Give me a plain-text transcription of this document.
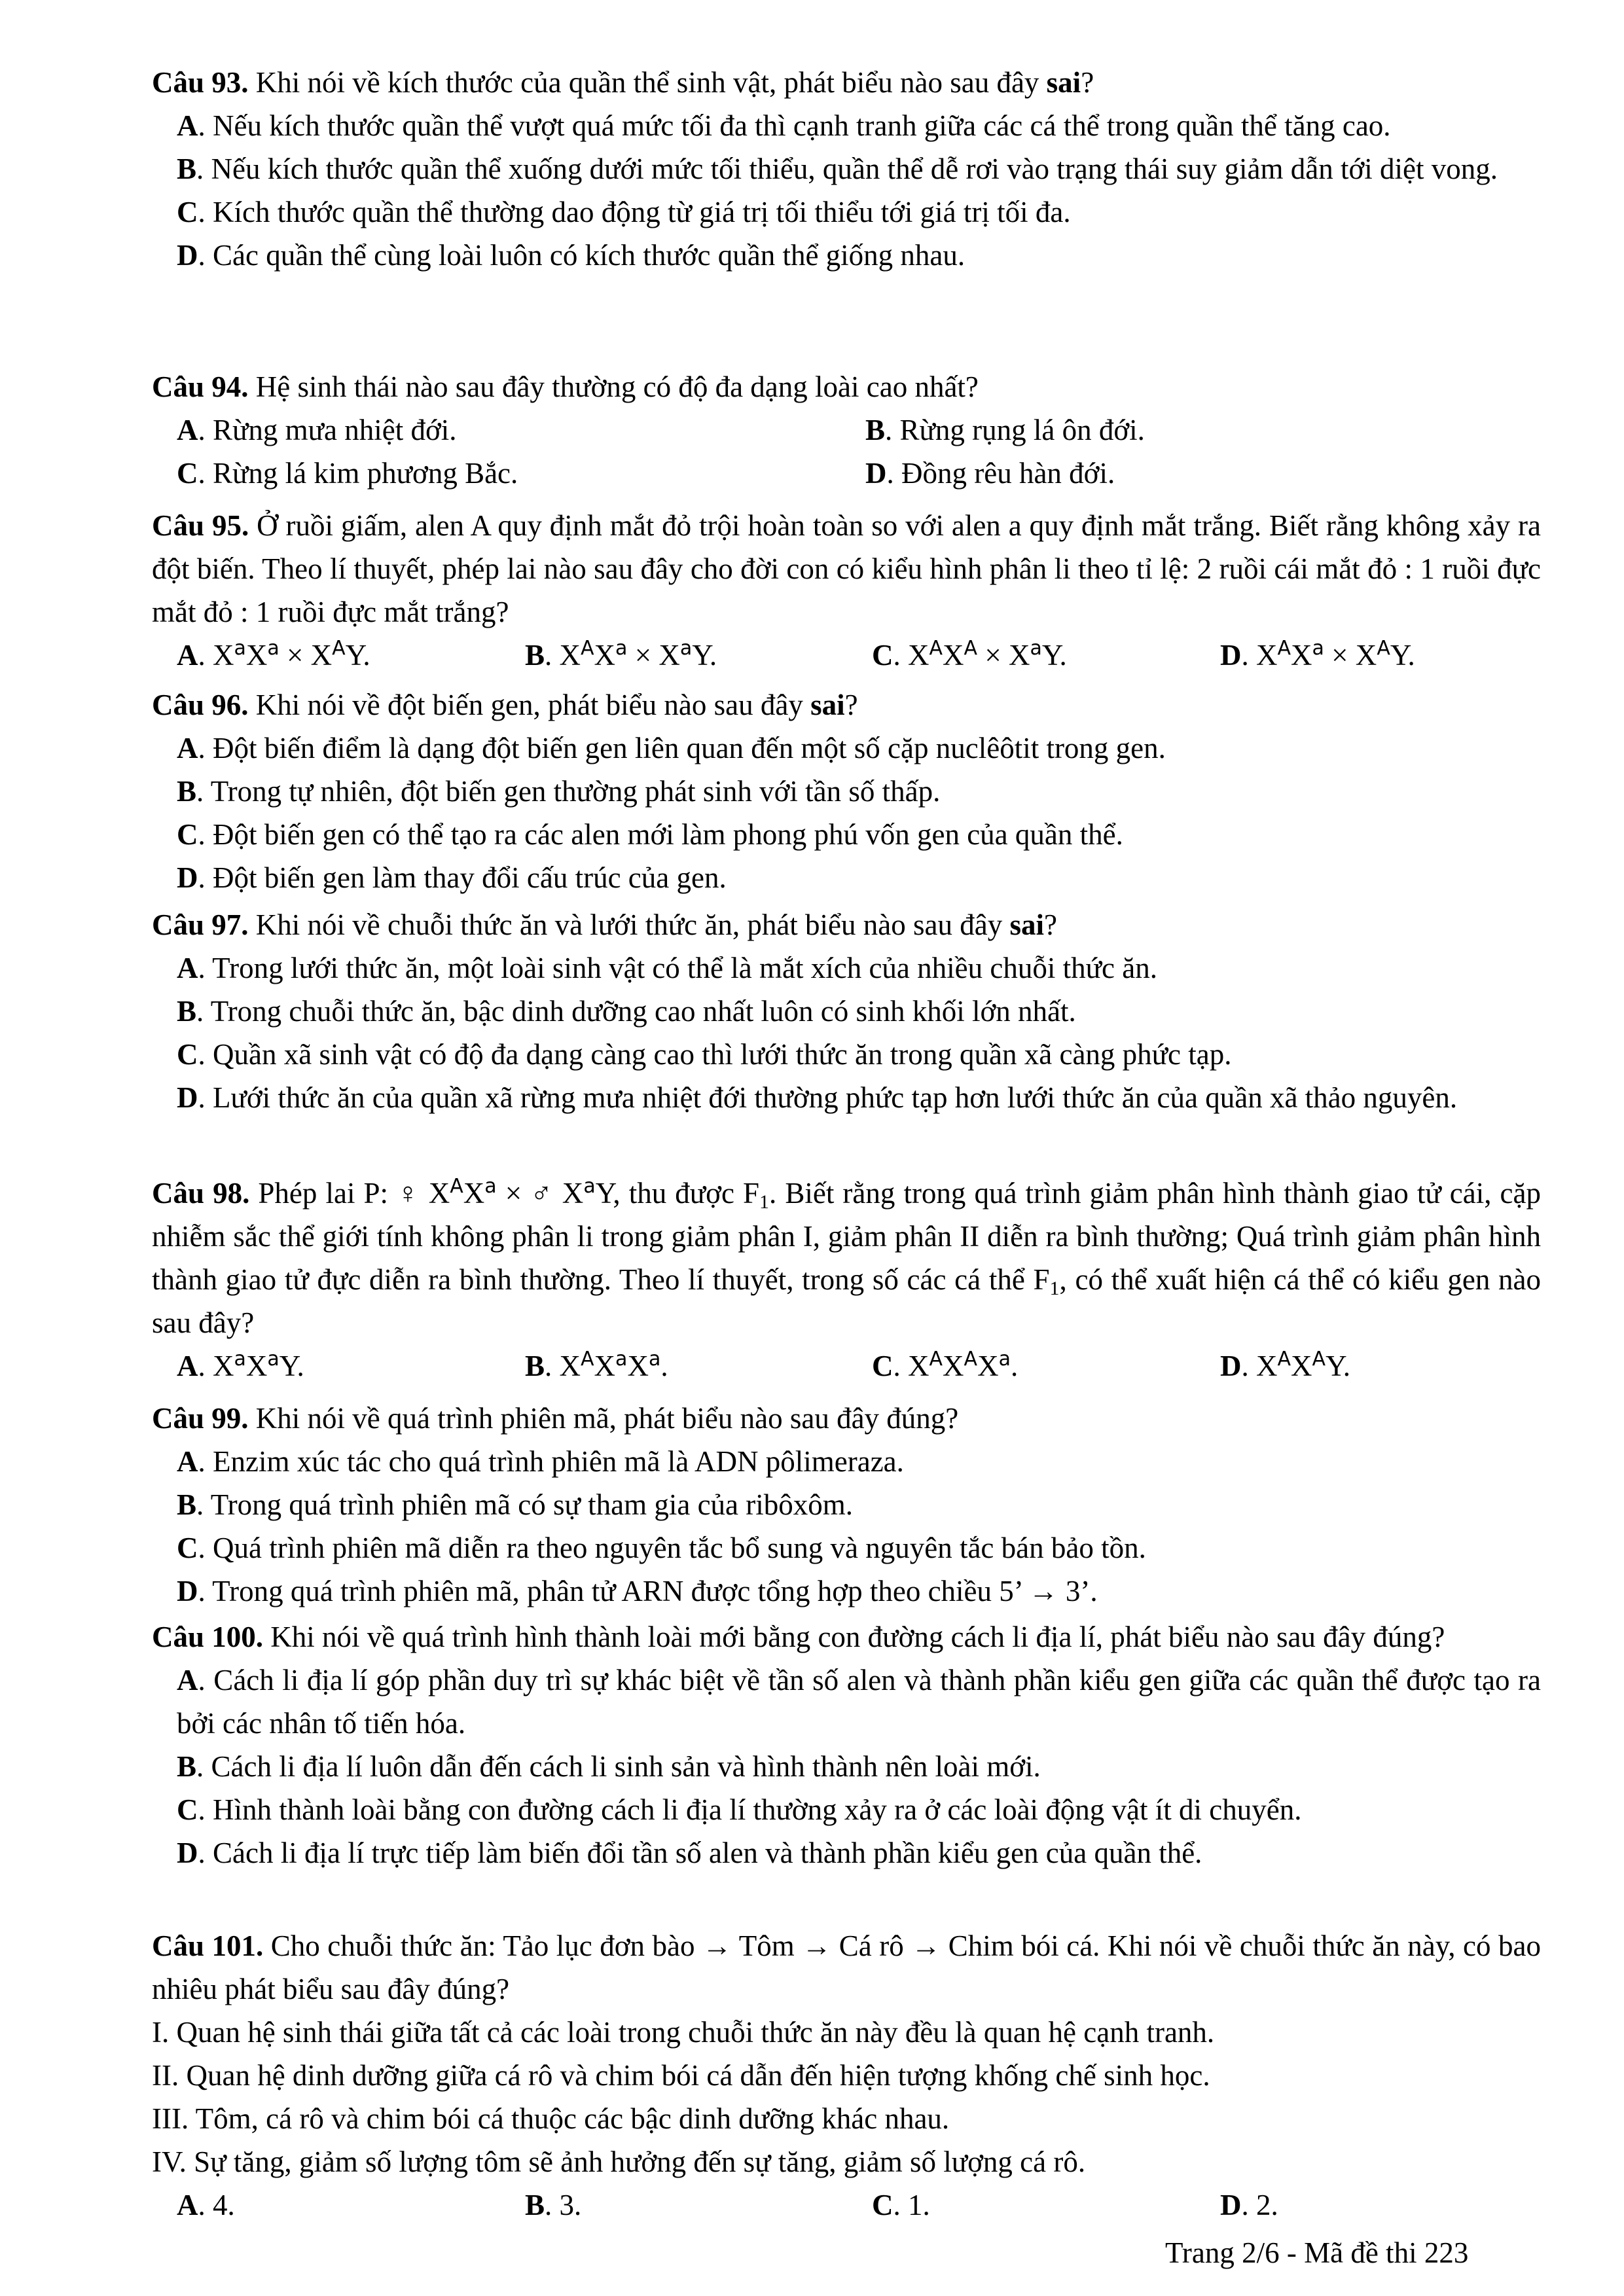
Câu 93. Khi nói về kích thước của quần thể sinh vật, phát biểu nào sau đây sai?

A. Nếu kích thước quần thể vượt quá mức tối đa thì cạnh tranh giữa các cá thể trong quần thể tăng cao.

B. Nếu kích thước quần thể xuống dưới mức tối thiểu, quần thể dễ rơi vào trạng thái suy giảm dẫn tới diệt vong.

C. Kích thước quần thể thường dao động từ giá trị tối thiểu tới giá trị tối đa.

D. Các quần thể cùng loài luôn có kích thước quần thể giống nhau.

Câu 94. Hệ sinh thái nào sau đây thường có độ đa dạng loài cao nhất?

A. Rừng mưa nhiệt đới.	B. Rừng rụng lá ôn đới.
C. Rừng lá kim phương Bắc.	D. Đồng rêu hàn đới.

Câu 95. Ở ruồi giấm, alen A quy định mắt đỏ trội hoàn toàn so với alen a quy định mắt trắng. Biết rằng không xảy ra đột biến. Theo lí thuyết, phép lai nào sau đây cho đời con có kiểu hình phân li theo tỉ lệ: 2 ruồi cái mắt đỏ : 1 ruồi đực mắt đỏ : 1 ruồi đực mắt trắng?

A. $X^aX^a \times X^AY$.	B. $X^AX^a \times X^aY$.	C. $X^AX^A \times X^aY$.	D. $X^AX^a \times X^AY$.

Câu 96. Khi nói về đột biến gen, phát biểu nào sau đây sai?

A. Đột biến điểm là dạng đột biến gen liên quan đến một số cặp nuclêôtit trong gen.

B. Trong tự nhiên, đột biến gen thường phát sinh với tần số thấp.

C. Đột biến gen có thể tạo ra các alen mới làm phong phú vốn gen của quần thể.

D. Đột biến gen làm thay đổi cấu trúc của gen.

Câu 97. Khi nói về chuỗi thức ăn và lưới thức ăn, phát biểu nào sau đây sai?

A. Trong lưới thức ăn, một loài sinh vật có thể là mắt xích của nhiều chuỗi thức ăn.

B. Trong chuỗi thức ăn, bậc dinh dưỡng cao nhất luôn có sinh khối lớn nhất.

C. Quần xã sinh vật có độ đa dạng càng cao thì lưới thức ăn trong quần xã càng phức tạp.

D. Lưới thức ăn của quần xã rừng mưa nhiệt đới thường phức tạp hơn lưới thức ăn của quần xã thảo nguyên.

Câu 98. Phép lai P: ♀ $X^AX^a$ × ♂ $X^aY$, thu được $F_1$. Biết rằng trong quá trình giảm phân hình thành giao tử cái, cặp nhiễm sắc thể giới tính không phân li trong giảm phân I, giảm phân II diễn ra bình thường; Quá trình giảm phân hình thành giao tử đực diễn ra bình thường. Theo lí thuyết, trong số các cá thể $F_1$, có thể xuất hiện cá thể có kiểu gen nào sau đây?

A. $X^aX^aY$.	B. $X^AX^aX^a$.	C. $X^AX^AX^a$.	D. $X^AX^AY$.

Câu 99. Khi nói về quá trình phiên mã, phát biểu nào sau đây đúng?

A. Enzim xúc tác cho quá trình phiên mã là ADN pôlimeraza.

B. Trong quá trình phiên mã có sự tham gia của ribôxôm.

C. Quá trình phiên mã diễn ra theo nguyên tắc bổ sung và nguyên tắc bán bảo tồn.

D. Trong quá trình phiên mã, phân tử ARN được tổng hợp theo chiều 5’ → 3’.

Câu 100. Khi nói về quá trình hình thành loài mới bằng con đường cách li địa lí, phát biểu nào sau đây đúng?

A. Cách li địa lí góp phần duy trì sự khác biệt về tần số alen và thành phần kiểu gen giữa các quần thể được tạo ra bởi các nhân tố tiến hóa.

B. Cách li địa lí luôn dẫn đến cách li sinh sản và hình thành nên loài mới.

C. Hình thành loài bằng con đường cách li địa lí thường xảy ra ở các loài động vật ít di chuyển.

D. Cách li địa lí trực tiếp làm biến đổi tần số alen và thành phần kiểu gen của quần thể.

Câu 101. Cho chuỗi thức ăn: Tảo lục đơn bào → Tôm → Cá rô → Chim bói cá. Khi nói về chuỗi thức ăn này, có bao nhiêu phát biểu sau đây đúng?

I. Quan hệ sinh thái giữa tất cả các loài trong chuỗi thức ăn này đều là quan hệ cạnh tranh.

II. Quan hệ dinh dưỡng giữa cá rô và chim bói cá dẫn đến hiện tượng khống chế sinh học.

III. Tôm, cá rô và chim bói cá thuộc các bậc dinh dưỡng khác nhau.

IV. Sự tăng, giảm số lượng tôm sẽ ảnh hưởng đến sự tăng, giảm số lượng cá rô.

A. 4.	B. 3.	C. 1.	D. 2.
Trang 2/6 - Mã đề thi 223
